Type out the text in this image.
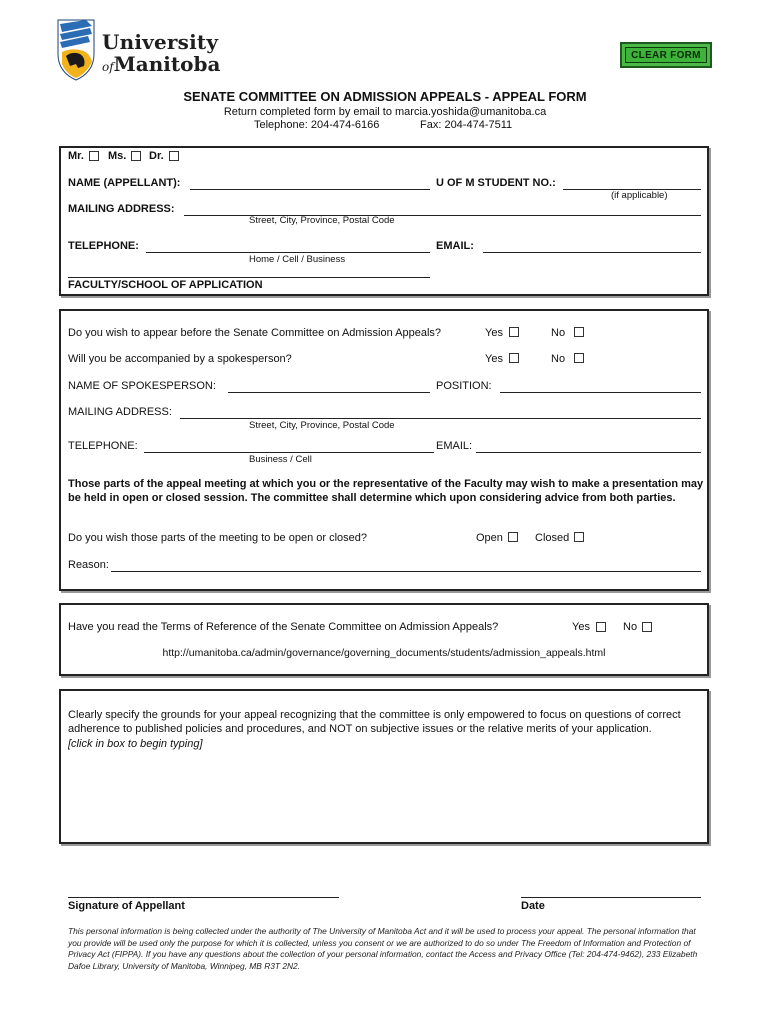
University
ofManitoba	CLEAR FORM
SENATE COMMITTEE ON ADMISSION APPEALS - APPEAL FORM
Return completed form by email to marcia.yoshida@umanitoba.ca
Telephone: 204-474-6166	Fax: 204-474-7511
Mr. Ms. Dr.
NAME (APPELLANT):	U OF M STUDENT NO.:
(if applicable)
MAILING ADDRESS:
Street, City, Province, Postal Code
TELEPHONE:
Home / Cell / Business
EMAIL:
FACULTY/SCHOOL OF APPLICATION
Do you wish to appear before the Senate Committee on Admission Appeals?	Yes	No
Will you be accompanied by a spokesperson?	Yes	No
NAME OF SPOKESPERSON:	POSITION:
MAILING ADDRESS:
Street, City, Province, Postal Code
TELEPHONE:
Business / Cell
EMAIL:
Those parts of the appeal meeting at which you or the representative of the Faculty may wish to make a presentation may be held in open or closed session. The committee shall determine which upon considering advice from both parties.
Do you wish those parts of the meeting to be open or closed?	Open	Closed
Reason:
Have you read the Terms of Reference of the Senate Committee on Admission Appeals?	Yes	No
http://umanitoba.ca/admin/governance/governing_documents/students/admission_appeals.html
Clearly specify the grounds for your appeal recognizing that the committee is only empowered to focus on questions of correct adherence to published policies and procedures, and NOT on subjective issues or the relative merits of your application.
[click in box to begin typing]
Signature of Appellant	Date
This personal information is being collected under the authority of The University of Manitoba Act and it will be used to process your appeal. The personal information that you provide will be used only the purpose for which it is collected, unless you consent or we are authorized to do so under The Freedom of Information and Protection of Privacy Act (FIPPA). If you have any questions about the collection of your personal information, contact the Access and Privacy Office (Tel: 204-474-9462), 233 Elizabeth Dafoe Library, University of Manitoba, Winnipeg, MB R3T 2N2.
